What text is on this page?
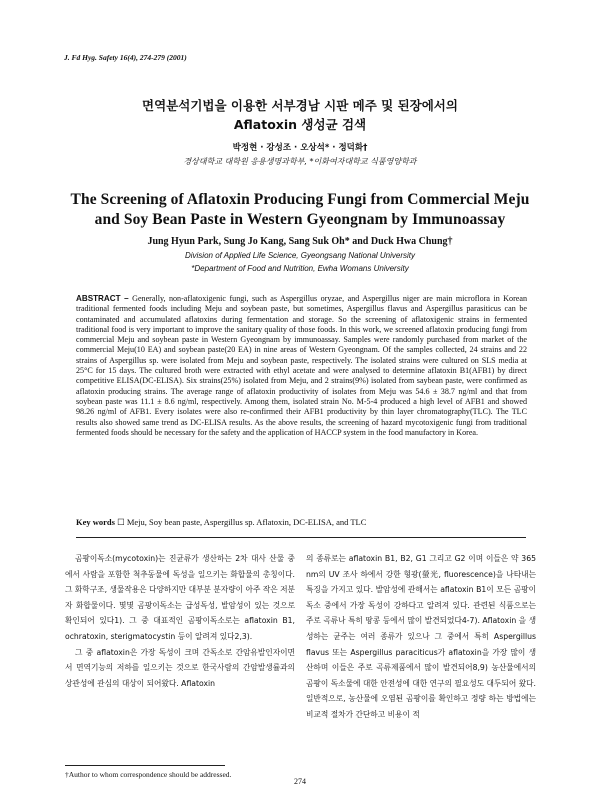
J. Fd Hyg. Safety 16(4), 274-279 (2001)
면역분석기법을 이용한 서부경남 시판 메주 및 된장에서의
Aflatoxin 생성균 검색
박정현 · 강성조 · 오상석* · 정덕화†
경상대학교 대학원 응용생명과학부, *이화여자대학교 식품영양학과
The Screening of Aflatoxin Producing Fungi from Commercial Meju
and Soy Bean Paste in Western Gyeongnam by Immunoassay
Jung Hyun Park, Sung Jo Kang, Sang Suk Oh* and Duck Hwa Chung†
Division of Applied Life Science, Gyeongsang National University
*Department of Food and Nutrition, Ewha Womans University
ABSTRACT – Generally, non-aflatoxigenic fungi, such as Aspergillus oryzae, and Aspergillus niger are main microflora in Korean traditional fermented foods including Meju and soybean paste, but sometimes, Aspergillus flavus and Aspergillus parasiticus can be contaminated and accumulated aflatoxins during fermentation and storage. So the screening of aflatoxigenic strains in fermented traditional food is very important to improve the sanitary quality of those foods. In this work, we screened aflatoxin producing fungi from commercial Meju and soybean paste in Western Gyeongnam by immunoassay. Samples were randomly purchased from market of the commercial Meju(10 EA) and soybean paste(20 EA) in nine areas of Western Gyeongnam. Of the samples collected, 24 strains and 22 strains of Aspergillus sp. were isolated from Meju and soybean paste, respectively. The isolated strains were cultured on SLS media at 25°C for 15 days. The cultured broth were extracted with ethyl acetate and were analysed to determine aflatoxin B1(AFB1) by direct competitive ELISA(DC-ELISA). Six strains(25%) isolated from Meju, and 2 strains(9%) isolated from saybean paste, were confirmed as aflatoxin producing strains. The average range of aflatoxin productivity of isolates from Meju was 54.6 ± 38.7 ng/ml and that from soybean paste was 11.1 ± 8.6 ng/ml, respectively. Among them, isolated strain No. M-5-4 produced a high level of AFB1 and showed 98.26 ng/ml of AFB1. Every isolates were also re-confirmed their AFB1 productivity by thin layer chromatography(TLC). The TLC results also showed same trend as DC-ELISA results. As the above results, the screening of hazard mycotoxigenic fungi from traditional fermented foods should be necessary for the safety and the application of HACCP system in the food manufactory in Korea.
Key words ☐ Meju, Soy bean paste, Aspergillus sp. Aflatoxin, DC-ELISA, and TLC
곰팡이독소(mycotoxin)는 진균류가 생산하는 2차 대사 산물 중에서 사람을 포함한 척추동물에 독성을 일으키는 화합물의 총칭이다. 그 화학구조, 생물작용은 다양하지만 대부분 분자량이 아주 작은 저분자 화합물이다. 몇몇 곰팡이독소는 급성독성, 발암성이 있는 것으로 확인되어 있다1). 그 중 대표적인 곰팡이독소로는 aflatoxin B1, ochratoxin, sterigmatocystin 등이 알려져 있다2,3).
그 중 aflatoxin은 가장 독성이 크며 간독소로 간암유발인자이면서 면역기능의 저하를 일으키는 것으로 한국사람의 간암발생률과의 상관성에 관심의 대상이 되어왔다. Aflatoxin
의 종류로는 aflatoxin B1, B2, G1 그리고 G2 이며 이들은 약 365 nm의 UV 조사 하에서 강한 형광(螢光, fluorescence)을 나타내는 특징을 가지고 있다. 발암성에 관해서는 aflatoxin B1이 모든 곰팡이 독소 중에서 가장 독성이 강하다고 알려져 있다. 관련된 식품으로는 주로 곡류나 특히 땅콩 등에서 많이 발견되었다4-7). Aflatoxin 을 생성하는 균주는 여러 종류가 있으나 그 중에서 특히 Aspergillus flavus 또는 Aspergillus paraciticus가 aflatoxin을 가장 많이 생산하며 이들은 주로 곡류제품에서 많이 발견되어8,9) 농산물에서의 곰팡이 독소물에 대한 안전성에 대한 연구의 필요성도 대두되어 왔다. 일반적으로, 농산물에 오염된 곰팡이를 확인하고 정량 하는 방법에는 비교적 절차가 간단하고 비용이 적
†Author to whom correspondence should be addressed.
274
